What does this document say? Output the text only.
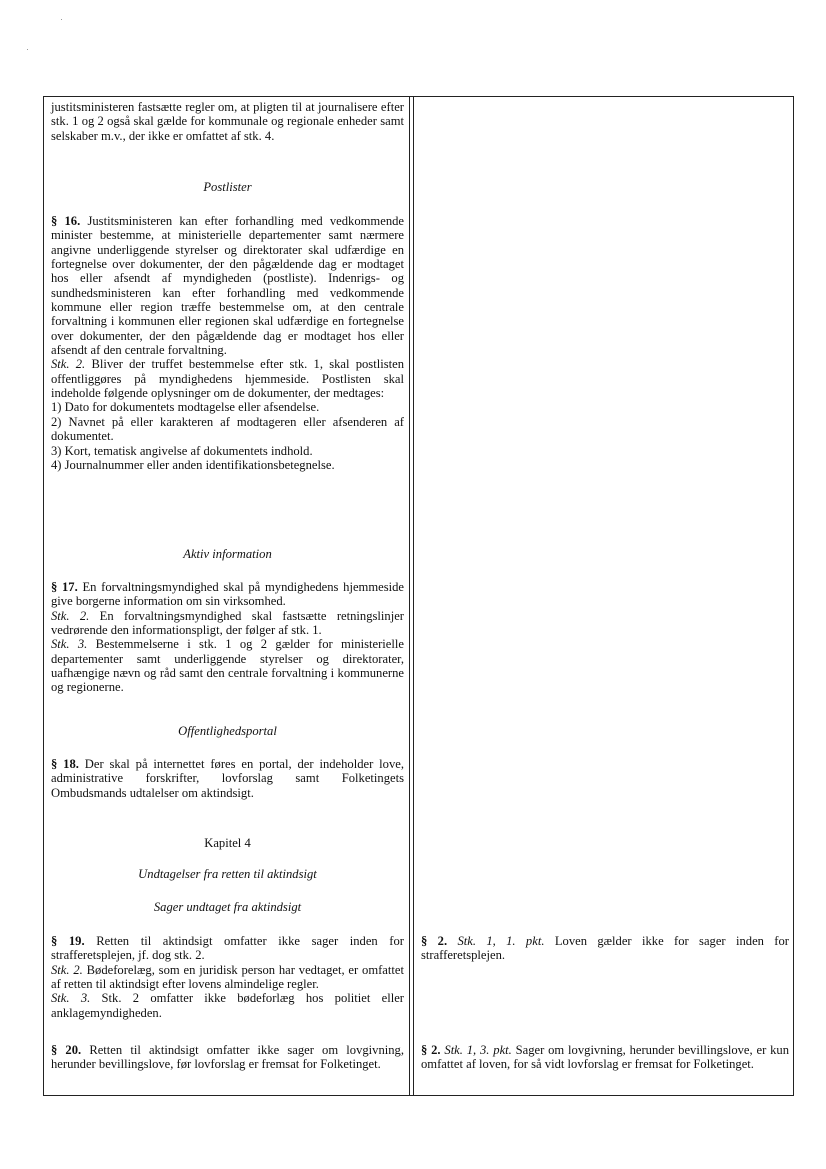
justitsministeren fastsætte regler om, at pligten til at journalisere efter stk. 1 og 2 også skal gælde for kommunale og regionale enheder samt selskaber m.v., der ikke er omfattet af stk. 4.

Postlister

§ 16. Justitsministeren kan efter forhandling med vedkommende minister bestemme, at ministerielle departementer samt nærmere angivne underliggende styrelser og direktorater skal udfærdige en fortegnelse over dokumenter, der den pågældende dag er modtaget hos eller afsendt af myndigheden (postliste). Indenrigs- og sundhedsministeren kan efter forhandling med vedkommende kommune eller region træffe bestemmelse om, at den centrale forvaltning i kommunen eller regionen skal udfærdige en fortegnelse over dokumenter, der den pågældende dag er modtaget hos eller afsendt af den centrale forvaltning.

Stk. 2. Bliver der truffet bestemmelse efter stk. 1, skal postlisten offentliggøres på myndighedens hjemmeside. Postlisten skal indeholde følgende oplysninger om de dokumenter, der medtages:

1) Dato for dokumentets modtagelse eller afsendelse.

2) Navnet på eller karakteren af modtageren eller afsenderen af dokumentet.

3) Kort, tematisk angivelse af dokumentets indhold.

4) Journalnummer eller anden identifikationsbetegnelse.

Aktiv information

§ 17. En forvaltningsmyndighed skal på myndighedens hjemmeside give borgerne information om sin virksomhed.

Stk. 2. En forvaltningsmyndighed skal fastsætte retningslinjer vedrørende den informationspligt, der følger af stk. 1.

Stk. 3. Bestemmelserne i stk. 1 og 2 gælder for ministerielle departementer samt underliggende styrelser og direktorater, uafhængige nævn og råd samt den centrale forvaltning i kommunerne og regionerne.

Offentlighedsportal

§ 18. Der skal på internettet føres en portal, der indeholder love, administrative forskrifter, lovforslag samt Folketingets Ombudsmands udtalelser om aktindsigt.

Kapitel 4

Undtagelser fra retten til aktindsigt

Sager undtaget fra aktindsigt

§ 19. Retten til aktindsigt omfatter ikke sager inden for strafferetsplejen, jf. dog stk. 2.

Stk. 2. Bødeforelæg, som en juridisk person har vedtaget, er omfattet af retten til aktindsigt efter lovens almindelige regler.

Stk. 3. Stk. 2 omfatter ikke bødeforlæg hos politiet eller anklagemyndigheden.

§ 20. Retten til aktindsigt omfatter ikke sager om lovgivning, herunder bevillingslove, før lovforslag er fremsat for Folketinget.

§ 2. Stk. 1, 1. pkt. Loven gælder ikke for sager inden for strafferetsplejen.

§ 2. Stk. 1, 3. pkt. Sager om lovgivning, herunder bevillingslove, er kun omfattet af loven, for så vidt lovforslag er fremsat for Folketinget.
